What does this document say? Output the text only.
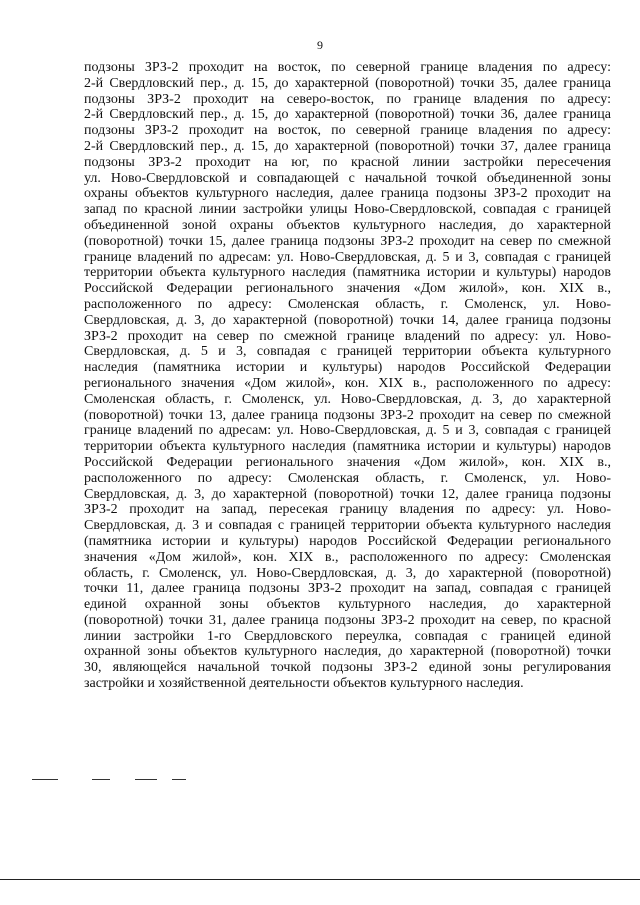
9
подзоны ЗРЗ-2 проходит на восток, по северной границе владения по адресу:
2-й Свердловский пер., д. 15, до характерной (поворотной) точки 35, далее граница
подзоны ЗРЗ-2 проходит на северо-восток, по границе владения по адресу:
2-й Свердловский пер., д. 15, до характерной (поворотной) точки 36, далее граница
подзоны ЗРЗ-2 проходит на восток, по северной границе владения по адресу:
2-й Свердловский пер., д. 15, до характерной (поворотной) точки 37, далее граница
подзоны ЗРЗ-2 проходит на юг, по красной линии застройки пересечения
ул. Ново-Свердловской и совпадающей с начальной точкой объединенной зоны
охраны объектов культурного наследия, далее граница подзоны ЗРЗ-2 проходит на
запад по красной линии застройки улицы Ново-Свердловской, совпадая с границей
объединенной зоной охраны объектов культурного наследия, до характерной
(поворотной) точки 15, далее граница подзоны ЗРЗ-2 проходит на север по смежной
границе владений по адресам: ул. Ново-Свердловская, д. 5 и 3, совпадая с границей
территории объекта культурного наследия (памятника истории и культуры) народов
Российской Федерации регионального значения «Дом жилой», кон. XIX в.,
расположенного по адресу: Смоленская область, г. Смоленск, ул. Ново-
Свердловская, д. 3, до характерной (поворотной) точки 14, далее граница подзоны
ЗРЗ-2 проходит на север по смежной границе владений по адресу: ул. Ново-
Свердловская, д. 5 и 3, совпадая с границей территории объекта культурного
наследия (памятника истории и культуры) народов Российской Федерации
регионального значения «Дом жилой», кон. XIX в., расположенного по адресу:
Смоленская область, г. Смоленск, ул. Ново-Свердловская, д. 3, до характерной
(поворотной) точки 13, далее граница подзоны ЗРЗ-2 проходит на север по смежной
границе владений по адресам: ул. Ново-Свердловская, д. 5 и 3, совпадая с границей
территории объекта культурного наследия (памятника истории и культуры) народов
Российской Федерации регионального значения «Дом жилой», кон. XIX в.,
расположенного по адресу: Смоленская область, г. Смоленск, ул. Ново-
Свердловская, д. 3, до характерной (поворотной) точки 12, далее граница подзоны
ЗРЗ-2 проходит на запад, пересекая границу владения по адресу: ул. Ново-
Свердловская, д. 3 и совпадая с границей территории объекта культурного наследия
(памятника истории и культуры) народов Российской Федерации регионального
значения «Дом жилой», кон. XIX в., расположенного по адресу: Смоленская
область, г. Смоленск, ул. Ново-Свердловская, д. 3, до характерной (поворотной)
точки 11, далее граница подзоны ЗРЗ-2 проходит на запад, совпадая с границей
единой охранной зоны объектов культурного наследия, до характерной
(поворотной) точки 31, далее граница подзоны ЗРЗ-2 проходит на север, по красной
линии застройки 1-го Свердловского переулка, совпадая с границей единой
охранной зоны объектов культурного наследия, до характерной (поворотной) точки
30, являющейся начальной точкой подзоны ЗРЗ-2 единой зоны регулирования
застройки и хозяйственной деятельности объектов культурного наследия.
